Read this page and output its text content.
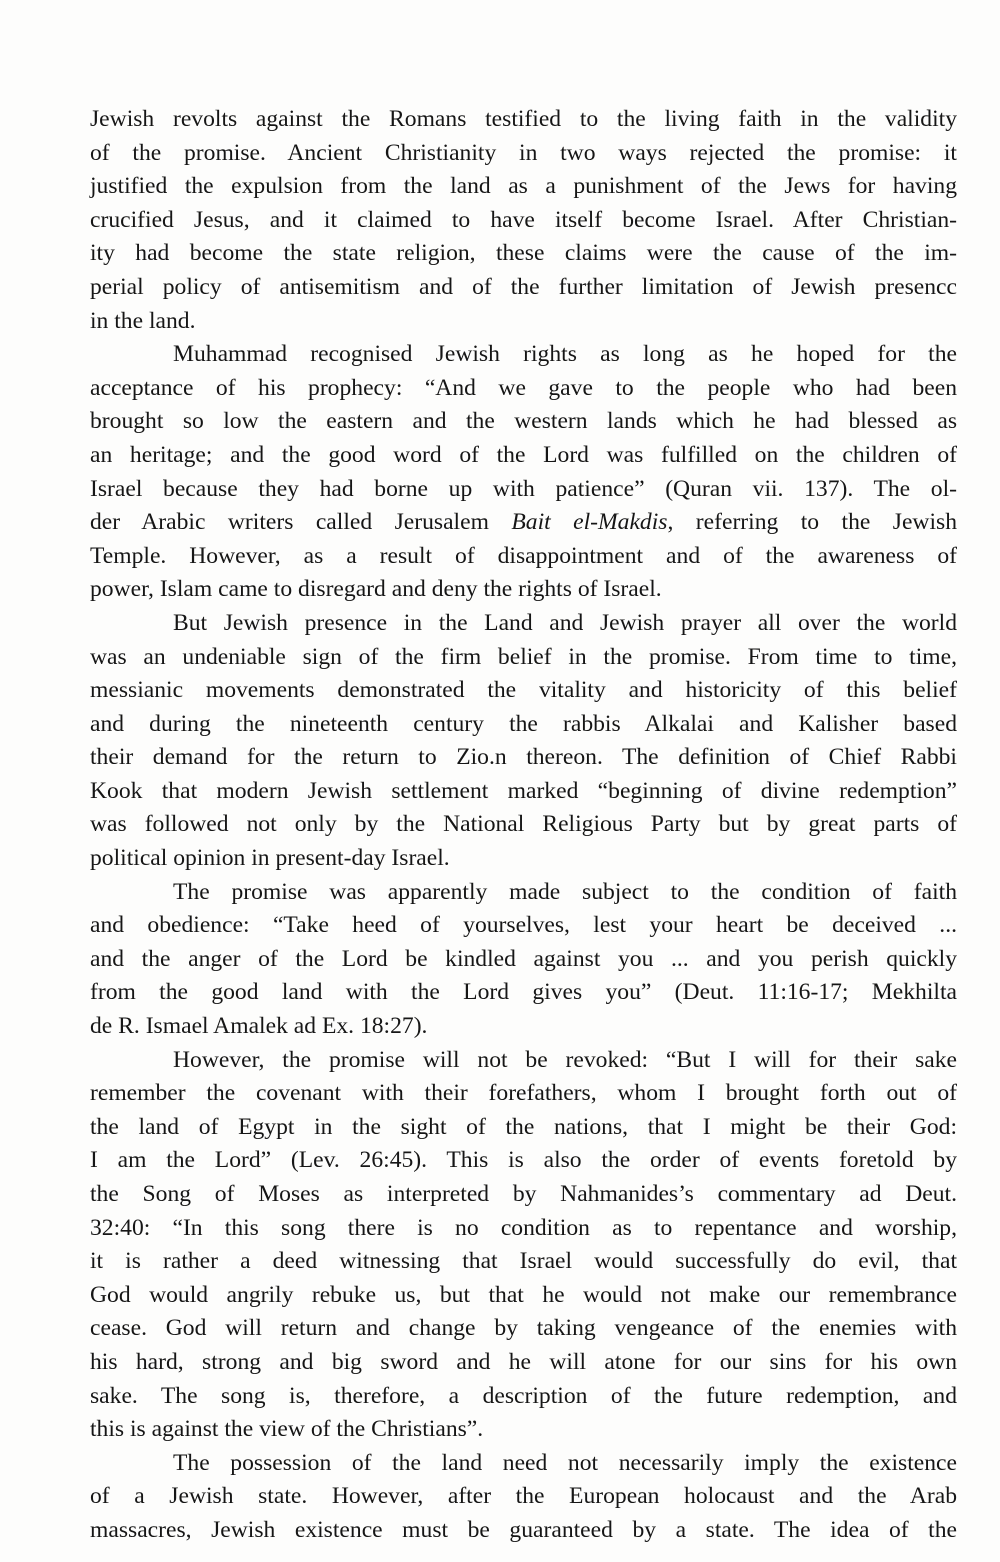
Jewish revolts against the Romans testified to the living faith in the validity
of the promise. Ancient Christianity in two ways rejected the promise: it
justified the expulsion from the land as a punishment of the Jews for having
crucified Jesus, and it claimed to have itself become Israel. After Christian-
ity had become the state religion, these claims were the cause of the im-
perial policy of antisemitism and of the further limitation of Jewish presencc
in the land.
Muhammad recognised Jewish rights as long as he hoped for the
acceptance of his prophecy: “And we gave to the people who had been
brought so low the eastern and the western lands which he had blessed as
an heritage; and the good word of the Lord was fulfilled on the children of
Israel because they had borne up with patience” (Quran vii. 137). The ol-
der Arabic writers called Jerusalem Bait el-Makdis, referring to the Jewish
Temple. However, as a result of disappointment and of the awareness of
power, Islam came to disregard and deny the rights of Israel.
But Jewish presence in the Land and Jewish prayer all over the world
was an undeniable sign of the firm belief in the promise. From time to time,
messianic movements demonstrated the vitality and historicity of this belief
and during the nineteenth century the rabbis Alkalai and Kalisher based
their demand for the return to Zio.n thereon. The definition of Chief Rabbi
Kook that modern Jewish settlement marked “beginning of divine redemption”
was followed not only by the National Religious Party but by great parts of
political opinion in present-day Israel.
The promise was apparently made subject to the condition of faith
and obedience: “Take heed of yourselves, lest your heart be deceived ...
and the anger of the Lord be kindled against you ... and you perish quickly
from the good land with the Lord gives you” (Deut. 11:16-17; Mekhilta
de R. Ismael Amalek ad Ex. 18:27).
However, the promise will not be revoked: “But I will for their sake
remember the covenant with their forefathers, whom I brought forth out of
the land of Egypt in the sight of the nations, that I might be their God:
I am the Lord” (Lev. 26:45). This is also the order of events foretold by
the Song of Moses as interpreted by Nahmanides’s commentary ad Deut.
32:40: “In this song there is no condition as to repentance and worship,
it is rather a deed witnessing that Israel would successfully do evil, that
God would angrily rebuke us, but that he would not make our remembrance
cease. God will return and change by taking vengeance of the enemies with
his hard, strong and big sword and he will atone for our sins for his own
sake. The song is, therefore, a description of the future redemption, and
this is against the view of the Christians”.
The possession of the land need not necessarily imply the existence
of a Jewish state. However, after the European holocaust and the Arab
massacres, Jewish existence must be guaranteed by a state. The idea of the
